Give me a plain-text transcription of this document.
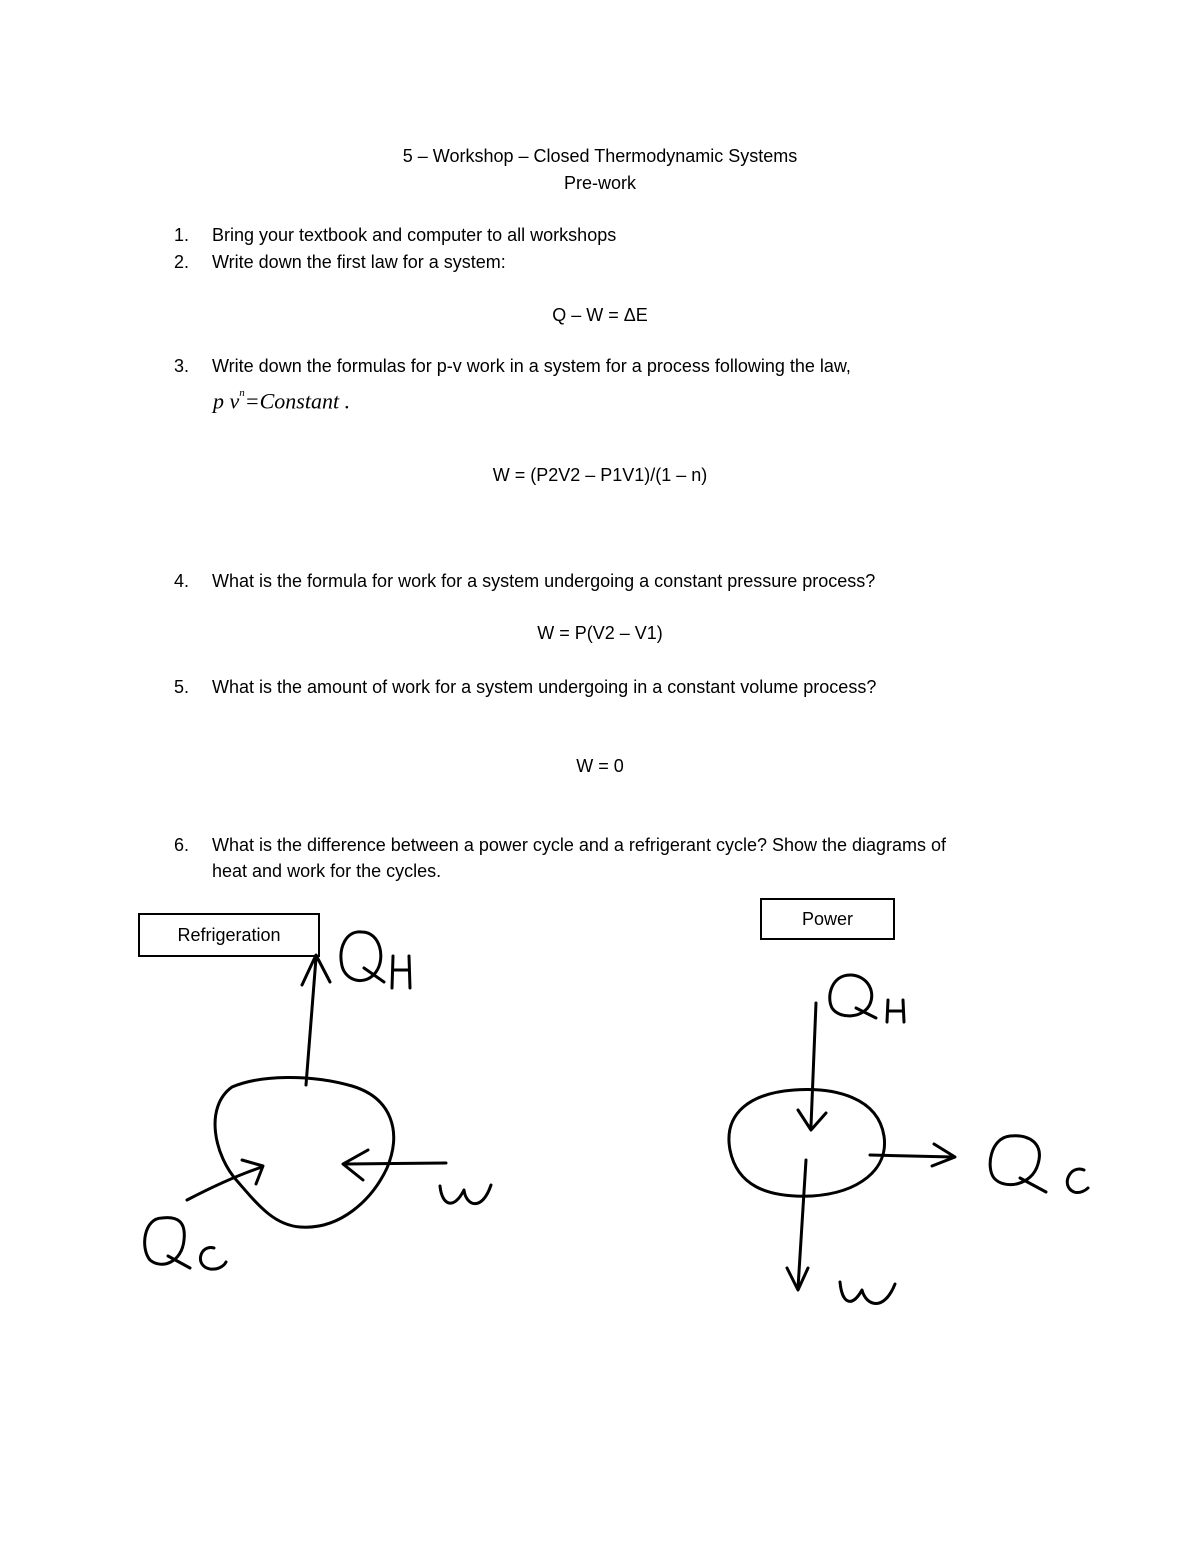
5 – Workshop – Closed Thermodynamic Systems
Pre-work
1.	Bring your textbook and computer to all workshops
2.	Write down the first law for a system:
Q – W = ΔE
3.	Write down the formulas for p-v work in a system for a process following the law,
p $v^n=Constant$ .
W = (P2V2 – P1V1)/(1 – n)
4.	What is the formula for work for a system undergoing a constant pressure process?
W = P(V2 – V1)
5.	What is the amount of work for a system undergoing in a constant volume process?
W = 0
6.	What is the difference between a power cycle and a refrigerant cycle? Show the diagrams of
heat and work for the cycles.
Refrigeration
Power
